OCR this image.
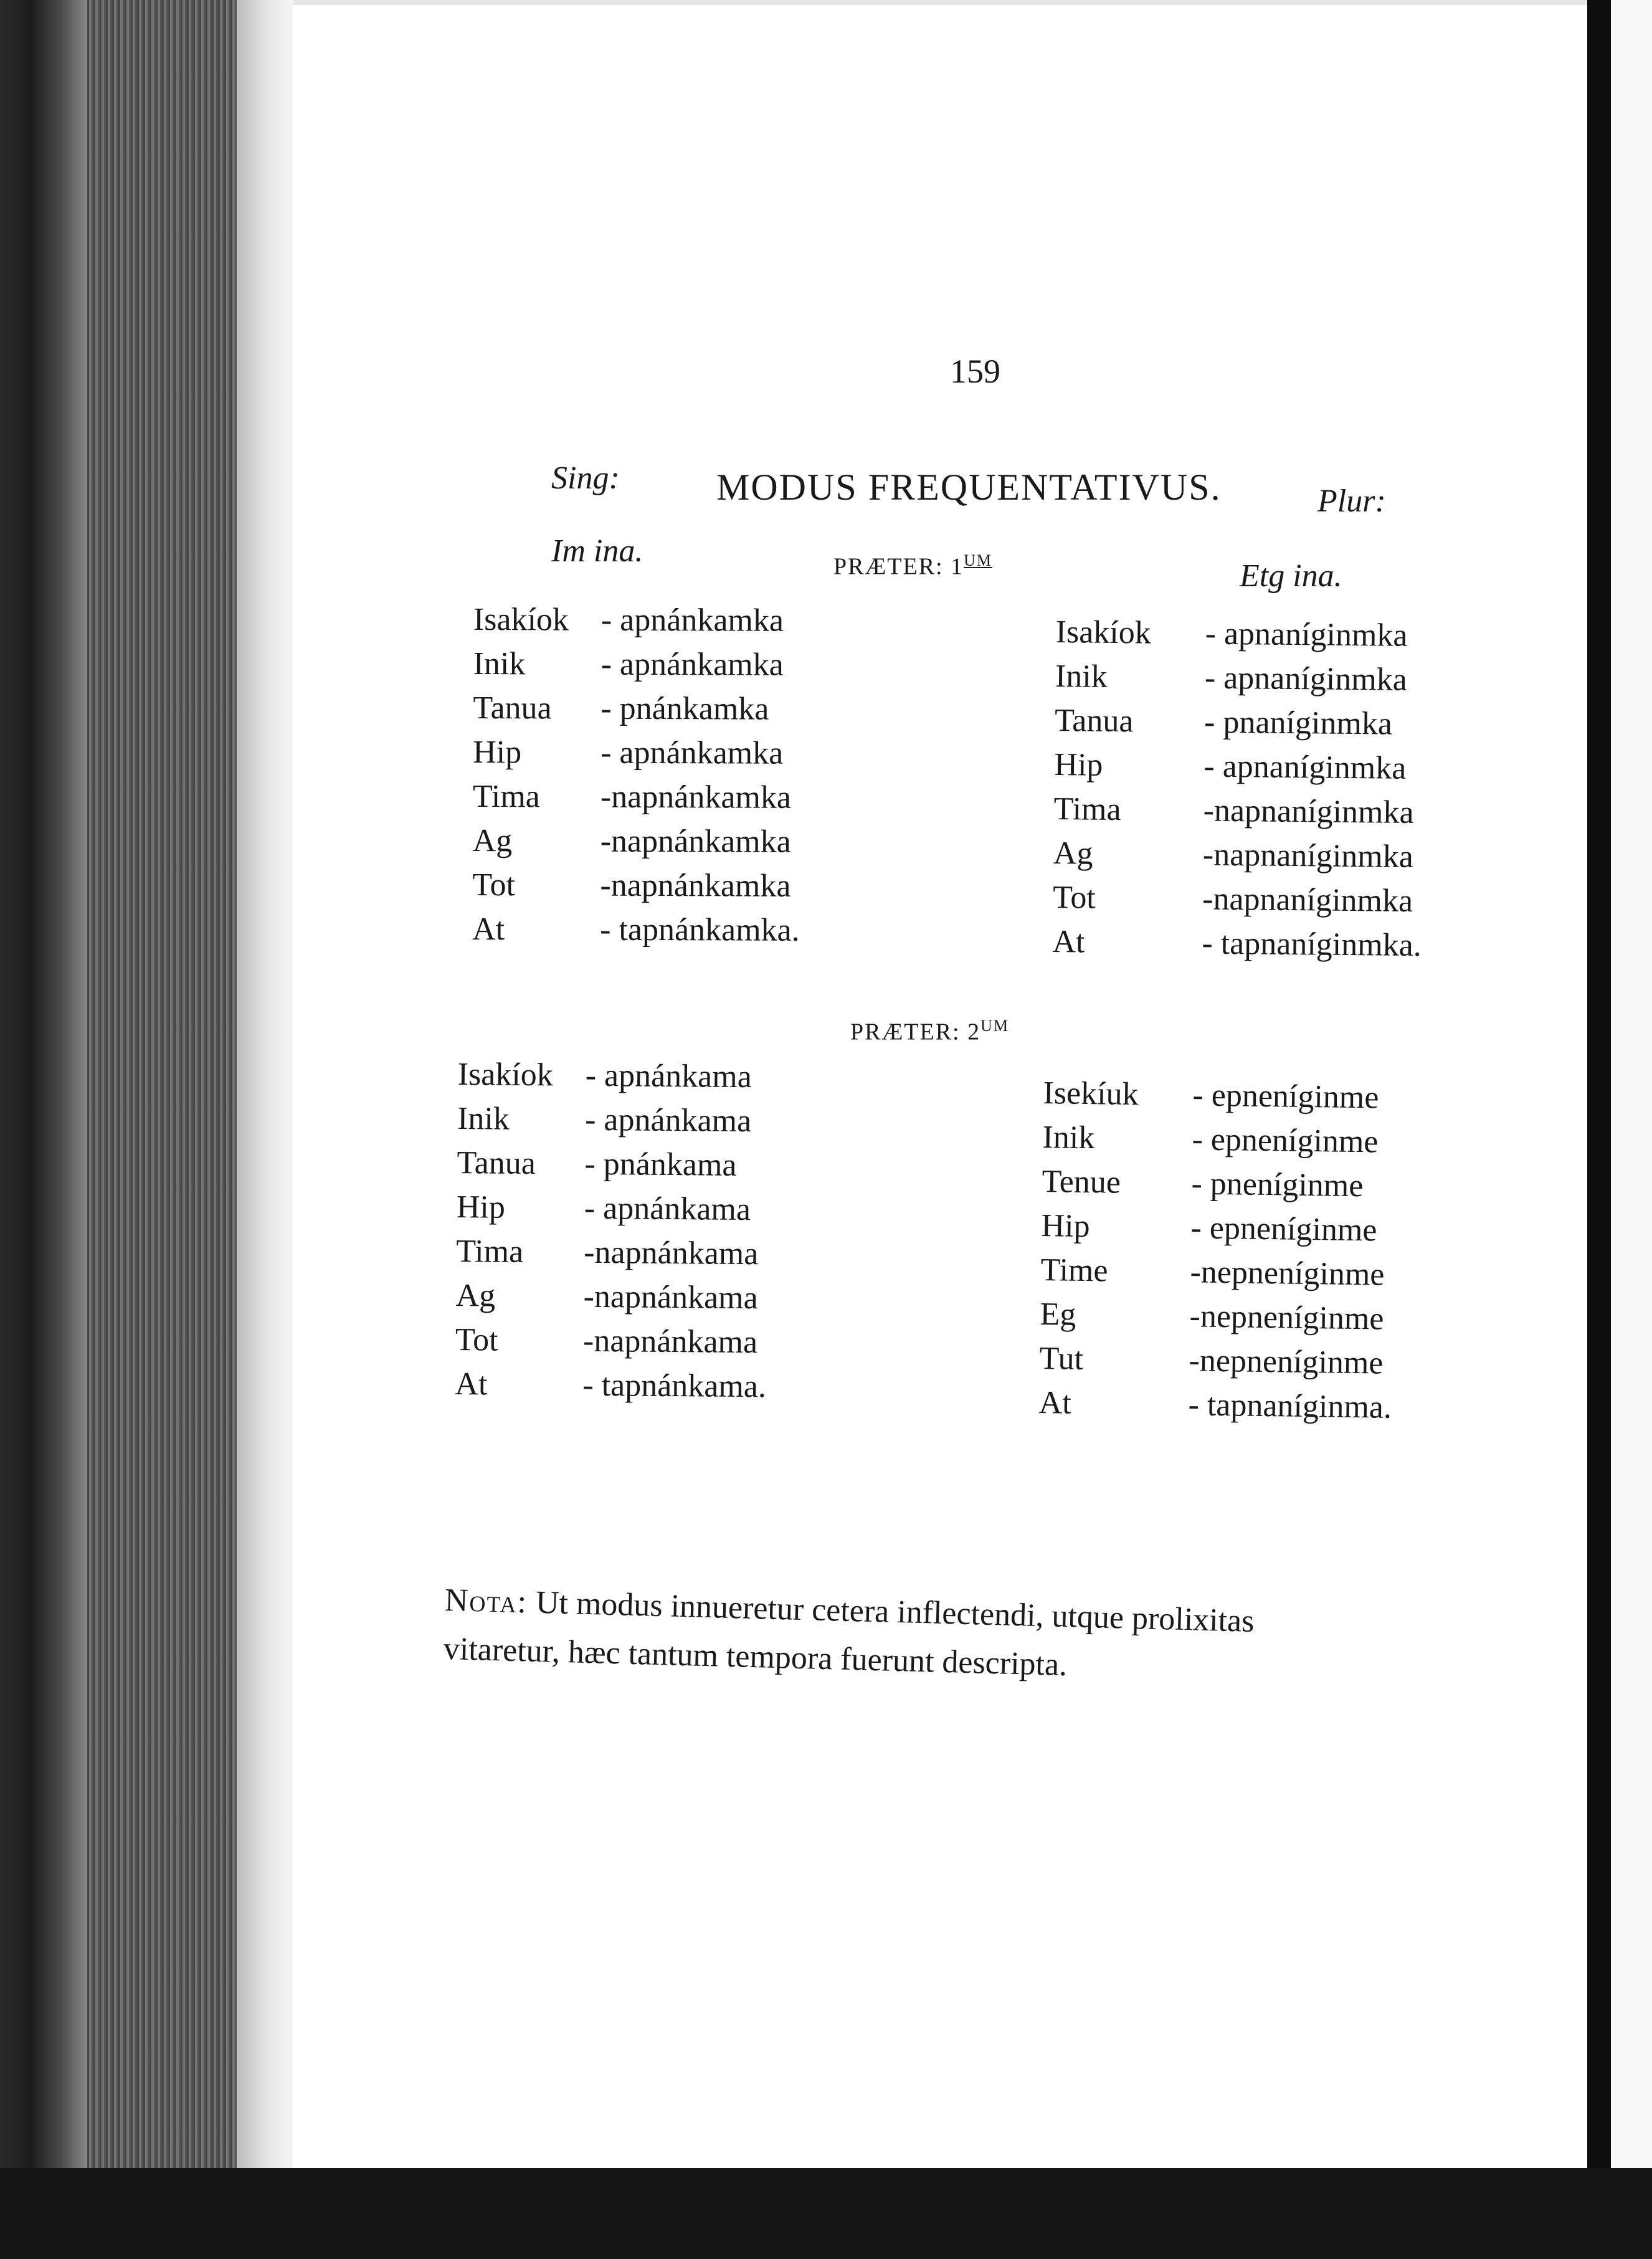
159
Sing:	MODUS FREQUENTATIVUS.	Plur:
Im ina.	PRÆTER: $1^{UM}$	Etg ina.
Isakíok - apnánkamka
Inik - apnánkamka
Tanua - pnánkamka
Hip - apnánkamka
Tima -napnánkamka
Ag	-napnánkamka
Tot	-napnánkamka
At	- tapnánkamka.
Isakíok - apnaníginmka
Inik	- apnaníginmka
Tanua - pnaníginmka
Hip	- apnaníginmka
Tima	-napnaníginmka
Ag	-napnaníginmka
Tot	-napnaníginmka
At	- tapnaníginmka.
PRÆTER: $2^{UM}$
Isakíok - apnánkama
Inik - apnánkama
Tanua - pnánkama
Hip - apnánkama
Tima -napnánkama
Ag	-napnánkama
Tot	-napnánkama
At	- tapnánkama.
Isekíuk - epneníginme
Inik	- epneníginme
Tenue - pneníginme
Hip	- epneníginme
Time	-nepneníginme
Eg	-nepneníginme
Tut	-nepneníginme
At	- tapnaníginma.
Nota: Ut modus innueretur cetera inflectendi, utque prolixitas
vitaretur, hæc tantum tempora fuerunt descripta.
